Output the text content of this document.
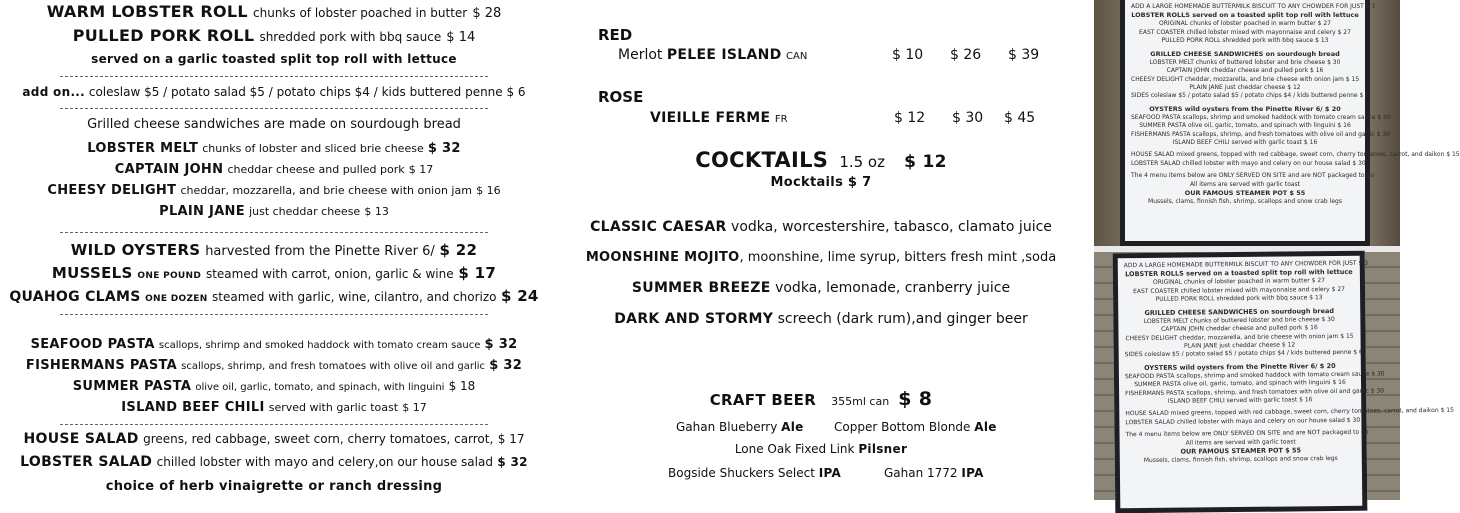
WARM LOBSTER ROLL chunks of lobster poached in butter $ 28
PULLED PORK ROLL shredded pork with bbq sauce $ 14
served on a garlic toasted split top roll with lettuce
add on... coleslaw $5 / potato salad $5 / potato chips $4 / kids buttered penne $ 6
Grilled cheese sandwiches are made on sourdough bread
LOBSTER MELT chunks of lobster and sliced brie cheese $ 32
CAPTAIN JOHN cheddar cheese and pulled pork $ 17
CHEESY DELIGHT cheddar, mozzarella, and brie cheese with onion jam $ 16
PLAIN JANE just cheddar cheese $ 13
WILD OYSTERS harvested from the Pinette River 6/ $ 22
MUSSELS ONE POUND steamed with carrot, onion, garlic & wine $ 17
QUAHOG CLAMS ONE DOZEN steamed with garlic, wine, cilantro, and chorizo $ 24
SEAFOOD PASTA scallops, shrimp and smoked haddock with tomato cream sauce $ 32
FISHERMANS PASTA scallops, shrimp, and fresh tomatoes with olive oil and garlic $ 32
SUMMER PASTA olive oil, garlic, tomato, and spinach, with linguini $ 18
ISLAND BEEF CHILI served with garlic toast $ 17
HOUSE SALAD greens, red cabbage, sweet corn, cherry tomatoes, carrot, $ 17
LOBSTER SALAD chilled lobster with mayo and celery,on our house salad $ 32
choice of herb vinaigrette or ranch dressing
RED
Merlot PELEE ISLAND CAN	$ 10 $ 26 $ 39
ROSE
VIEILLE FERME FR	$ 12 $ 30 $ 45
COCKTAILS 1.5 oz $ 12
Mocktails $ 7
CLASSIC CAESAR vodka, worcestershire, tabasco, clamato juice
MOONSHINE MOJITO, moonshine, lime syrup, bitters fresh mint ,soda
SUMMER BREEZE vodka, lemonade, cranberry juice
DARK AND STORMY screech (dark rum),and ginger beer
CRAFT BEER 355ml can $ 8
Gahan Blueberry Ale	Copper Bottom Blonde Ale
Lone Oak Fixed Link Pilsner
Bogside Shuckers Select IPA	Gahan 1772 IPA
ADD A LARGE HOMEMADE BUTTERMILK BISCUIT TO ANY CHOWDER FOR JUST $ 3
LOBSTER ROLLS served on a toasted split top roll with lettuce
ORIGINAL chunks of lobster poached in warm butter $ 27
EAST COASTER chilled lobster mixed with mayonnaise and celery $ 27
PULLED PORK ROLL shredded pork with bbq sauce $ 13
GRILLED CHEESE SANDWICHES on sourdough bread
LOBSTER MELT chunks of buttered lobster and brie cheese $ 30
CAPTAIN JOHN cheddar cheese and pulled pork $ 16
CHEESY DELIGHT cheddar, mozzarella, and brie cheese with onion jam $ 15
PLAIN JANE just cheddar cheese $ 12
SIDES coleslaw $5 / potato salad $5 / potato chips $4 / kids buttered penne $ 6
OYSTERS wild oysters from the Pinette River 6/ $ 20
SEAFOOD PASTA scallops, shrimp and smoked haddock with tomato cream sauce $ 30
SUMMER PASTA olive oil, garlic, tomato, and spinach with linguini $ 16
FISHERMANS PASTA scallops, shrimp, and fresh tomatoes with olive oil and garlic $ 30
ISLAND BEEF CHILI served with garlic toast $ 16
HOUSE SALAD mixed greens, topped with red cabbage, sweet corn, cherry tomatoes, carrot, and daikon $ 15
LOBSTER SALAD chilled lobster with mayo and celery on our house salad $ 30
The 4 menu items below are ONLY SERVED ON SITE and are NOT packaged to go
All items are served with garlic toast
OUR FAMOUS STEAMER POT $ 55
Mussels, clams, finnish fish, shrimp, scallops and snow crab legs
ADD A LARGE HOMEMADE BUTTERMILK BISCUIT TO ANY CHOWDER FOR JUST $ 3
LOBSTER ROLLS served on a toasted split top roll with lettuce
ORIGINAL chunks of lobster poached in warm butter $ 27
EAST COASTER chilled lobster mixed with mayonnaise and celery $ 27
PULLED PORK ROLL shredded pork with bbq sauce $ 13
GRILLED CHEESE SANDWICHES on sourdough bread
LOBSTER MELT chunks of buttered lobster and brie cheese $ 30
CAPTAIN JOHN cheddar cheese and pulled pork $ 16
CHEESY DELIGHT cheddar, mozzarella, and brie cheese with onion jam $ 15
PLAIN JANE just cheddar cheese $ 12
SIDES coleslaw $5 / potato salad $5 / potato chips $4 / kids buttered penne $ 6
OYSTERS wild oysters from the Pinette River 6/ $ 20
SEAFOOD PASTA scallops, shrimp and smoked haddock with tomato cream sauce $ 30
SUMMER PASTA olive oil, garlic, tomato, and spinach with linguini $ 16
FISHERMANS PASTA scallops, shrimp, and fresh tomatoes with olive oil and garlic $ 30
ISLAND BEEF CHILI served with garlic toast $ 16
HOUSE SALAD mixed greens, topped with red cabbage, sweet corn, cherry tomatoes, carrot, and daikon $ 15
LOBSTER SALAD chilled lobster with mayo and celery on our house salad $ 30
The 4 menu items below are ONLY SERVED ON SITE and are NOT packaged to go
All items are served with garlic toast
OUR FAMOUS STEAMER POT $ 55
Mussels, clams, finnish fish, shrimp, scallops and snow crab legs
